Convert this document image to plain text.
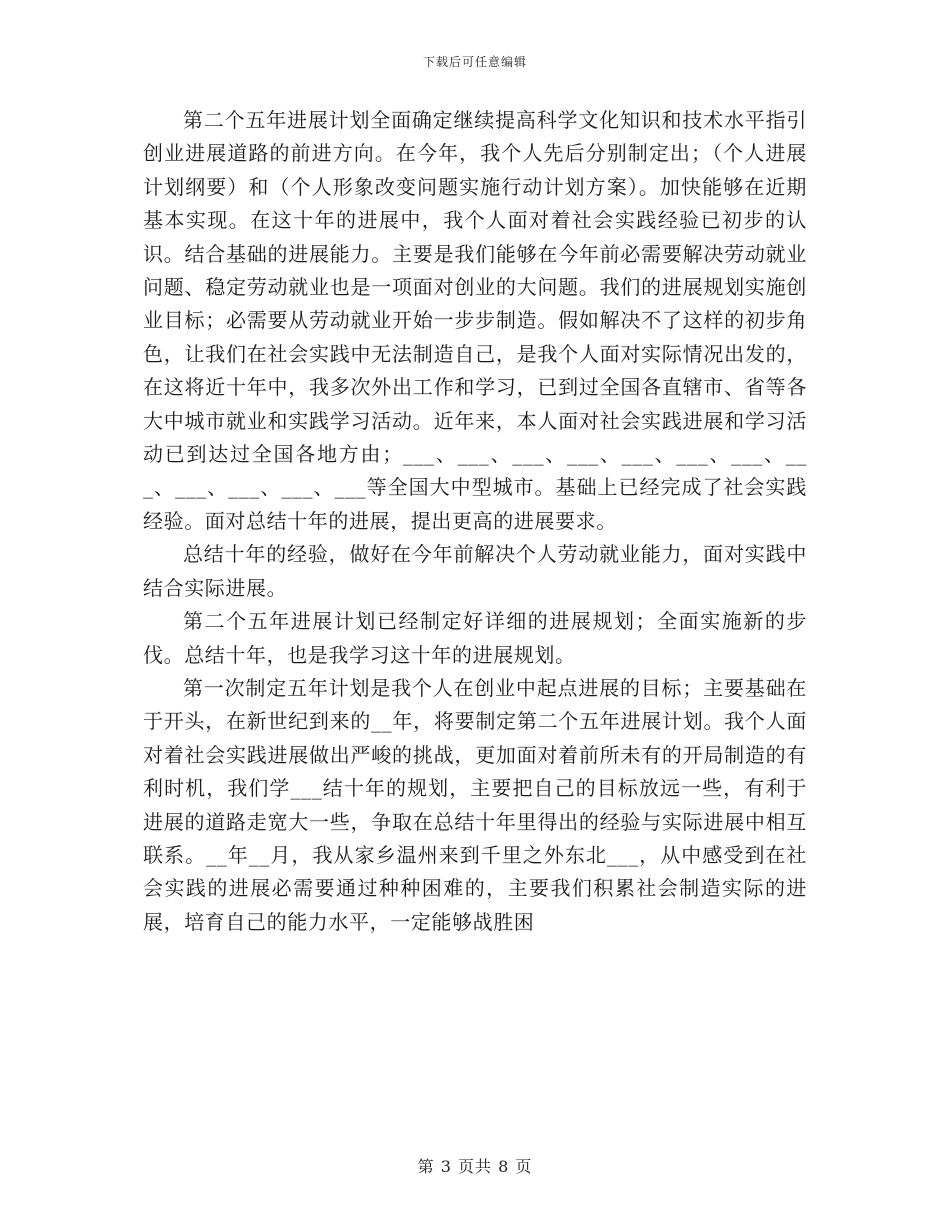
下载后可任意编辑

第二个五年进展计划全面确定继续提高科学文化知识和技术水平指引创业进展道路的前进方向。在今年，我个人先后分别制定出；（个人进展计划纲要）和（个人形象改变问题实施行动计划方案）。加快能够在近期基本实现。在这十年的进展中，我个人面对着社会实践经验已初步的认识。结合基础的进展能力。主要是我们能够在今年前必需要解决劳动就业问题、稳定劳动就业也是一项面对创业的大问题。我们的进展规划实施创业目标；必需要从劳动就业开始一步步制造。假如解决不了这样的初步角色，让我们在社会实践中无法制造自己，是我个人面对实际情况出发的，在这将近十年中，我多次外出工作和学习，已到过全国各直辖市、省等各大中城市就业和实践学习活动。近年来，本人面对社会实践进展和学习活动已到达过全国各地方由；___、___、___、___、___、___、___、___、___、___、___、___等全国大中型城市。基础上已经完成了社会实践经验。面对总结十年的进展，提出更高的进展要求。

总结十年的经验，做好在今年前解决个人劳动就业能力，面对实践中结合实际进展。

第二个五年进展计划已经制定好详细的进展规划；全面实施新的步伐。总结十年，也是我学习这十年的进展规划。

第一次制定五年计划是我个人在创业中起点进展的目标；主要基础在于开头，在新世纪到来的__年，将要制定第二个五年进展计划。我个人面对着社会实践进展做出严峻的挑战，更加面对着前所未有的开局制造的有利时机，我们学___结十年的规划，主要把自己的目标放远一些，有利于进展的道路走宽大一些，争取在总结十年里得出的经验与实际进展中相互联系。__年__月，我从家乡温州来到千里之外东北___，从中感受到在社会实践的进展必需要通过种种困难的，主要我们积累社会制造实际的进展，培育自己的能力水平，一定能够战胜困

第 3 页共 8 页
